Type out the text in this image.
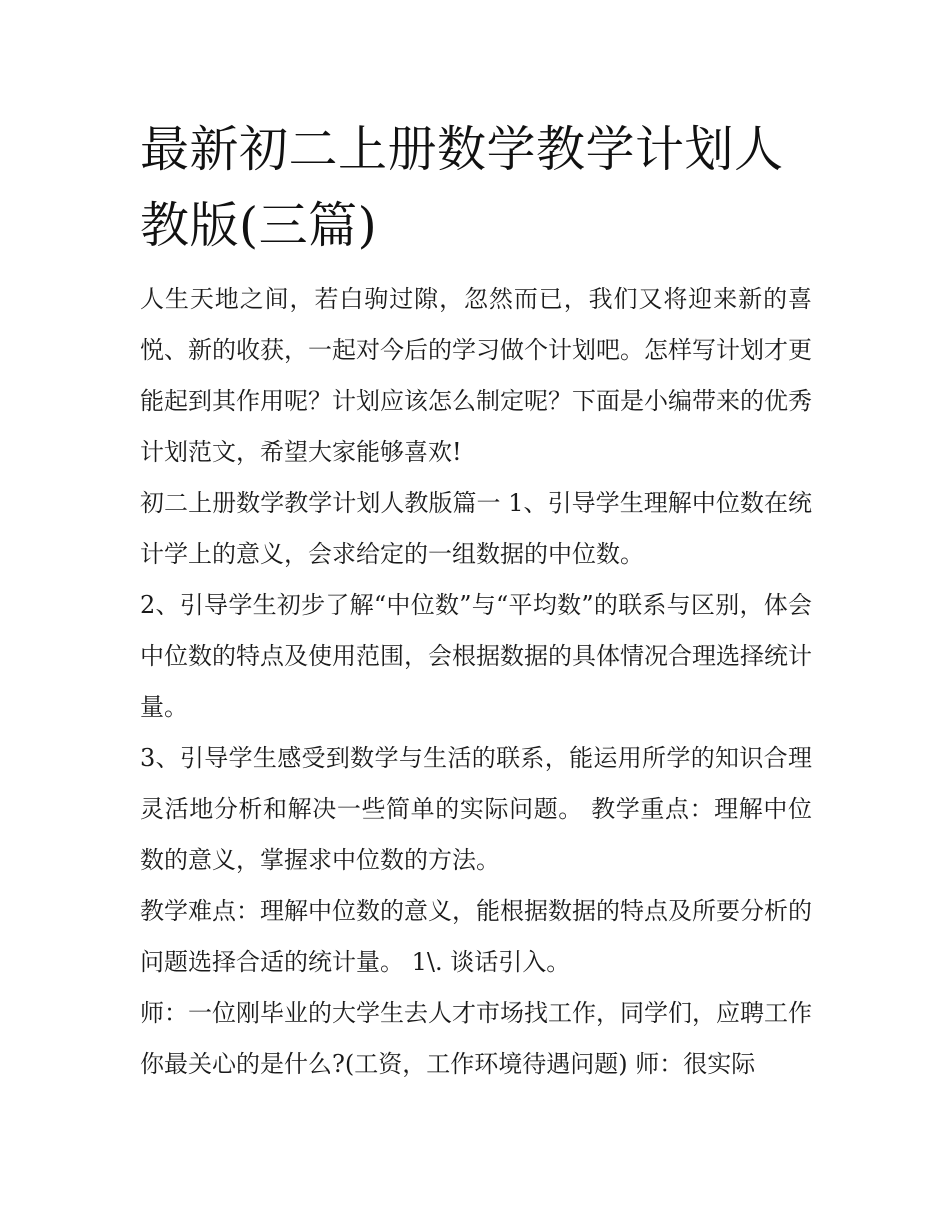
最新初二上册数学教学计划人教版(三篇)

人生天地之间，若白驹过隙，忽然而已，我们又将迎来新的喜悦、新的收获，一起对今后的学习做个计划吧。怎样写计划才更能起到其作用呢？计划应该怎么制定呢？下面是小编带来的优秀计划范文，希望大家能够喜欢!

初二上册数学教学计划人教版篇一 1、引导学生理解中位数在统计学上的意义，会求给定的一组数据的中位数。

2、引导学生初步了解“中位数”与“平均数”的联系与区别，体会中位数的特点及使用范围，会根据数据的具体情况合理选择统计量。

3、引导学生感受到数学与生活的联系，能运用所学的知识合理灵活地分析和解决一些简单的实际问题。 教学重点：理解中位数的意义，掌握求中位数的方法。

教学难点：理解中位数的意义，能根据数据的特点及所要分析的问题选择合适的统计量。 1\. 谈话引入。

师：一位刚毕业的大学生去人才市场找工作，同学们，应聘工作你最关心的是什么?(工资，工作环境待遇问题) 师：很实际
